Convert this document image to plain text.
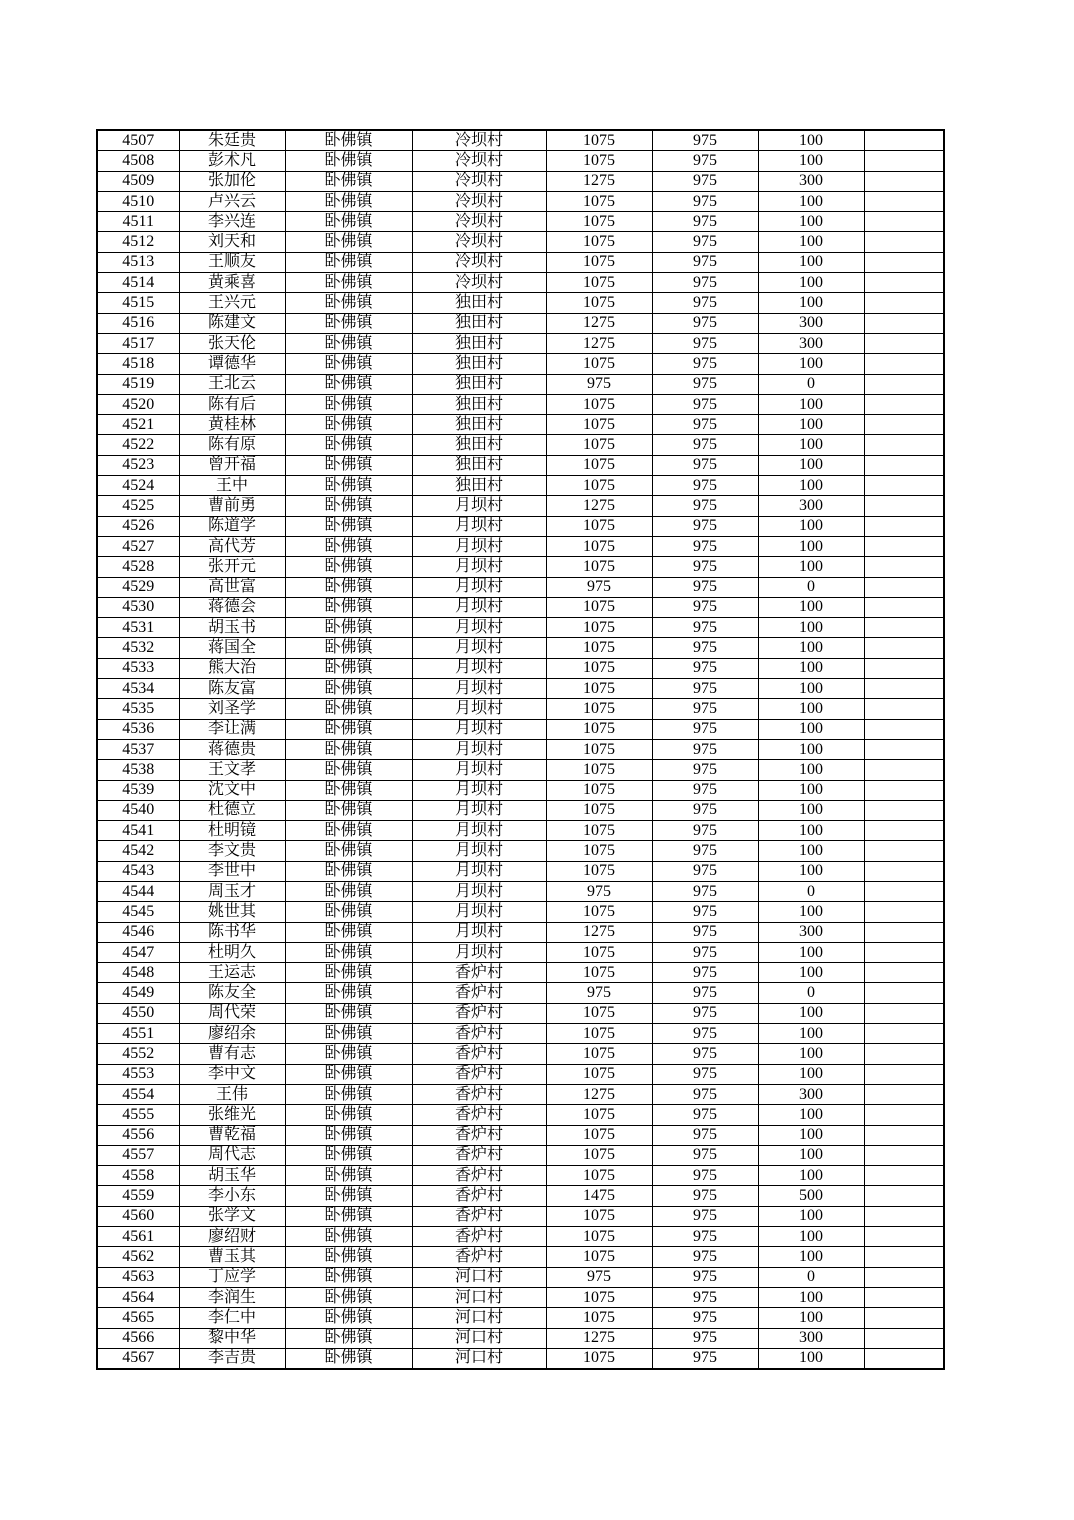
4507	朱廷贵	卧佛镇	冷坝村	1075	975	100	
4508	彭术凡	卧佛镇	冷坝村	1075	975	100	
4509	张加伦	卧佛镇	冷坝村	1275	975	300	
4510	卢兴云	卧佛镇	冷坝村	1075	975	100	
4511	李兴连	卧佛镇	冷坝村	1075	975	100	
4512	刘天和	卧佛镇	冷坝村	1075	975	100	
4513	王顺友	卧佛镇	冷坝村	1075	975	100	
4514	黄乘喜	卧佛镇	冷坝村	1075	975	100	
4515	王兴元	卧佛镇	独田村	1075	975	100	
4516	陈建文	卧佛镇	独田村	1275	975	300	
4517	张天伦	卧佛镇	独田村	1275	975	300	
4518	谭德华	卧佛镇	独田村	1075	975	100	
4519	王北云	卧佛镇	独田村	975	975	0	
4520	陈有后	卧佛镇	独田村	1075	975	100	
4521	黄桂林	卧佛镇	独田村	1075	975	100	
4522	陈有原	卧佛镇	独田村	1075	975	100	
4523	曾开福	卧佛镇	独田村	1075	975	100	
4524	王中	卧佛镇	独田村	1075	975	100	
4525	曹前勇	卧佛镇	月坝村	1275	975	300	
4526	陈道学	卧佛镇	月坝村	1075	975	100	
4527	高代芳	卧佛镇	月坝村	1075	975	100	
4528	张开元	卧佛镇	月坝村	1075	975	100	
4529	高世富	卧佛镇	月坝村	975	975	0	
4530	蒋德会	卧佛镇	月坝村	1075	975	100	
4531	胡玉书	卧佛镇	月坝村	1075	975	100	
4532	蒋国全	卧佛镇	月坝村	1075	975	100	
4533	熊大治	卧佛镇	月坝村	1075	975	100	
4534	陈友富	卧佛镇	月坝村	1075	975	100	
4535	刘圣学	卧佛镇	月坝村	1075	975	100	
4536	李让满	卧佛镇	月坝村	1075	975	100	
4537	蒋德贵	卧佛镇	月坝村	1075	975	100	
4538	王文孝	卧佛镇	月坝村	1075	975	100	
4539	沈文中	卧佛镇	月坝村	1075	975	100	
4540	杜德立	卧佛镇	月坝村	1075	975	100	
4541	杜明镜	卧佛镇	月坝村	1075	975	100	
4542	李文贵	卧佛镇	月坝村	1075	975	100	
4543	李世中	卧佛镇	月坝村	1075	975	100	
4544	周玉才	卧佛镇	月坝村	975	975	0	
4545	姚世其	卧佛镇	月坝村	1075	975	100	
4546	陈书华	卧佛镇	月坝村	1275	975	300	
4547	杜明久	卧佛镇	月坝村	1075	975	100	
4548	王运志	卧佛镇	香炉村	1075	975	100	
4549	陈友全	卧佛镇	香炉村	975	975	0	
4550	周代荣	卧佛镇	香炉村	1075	975	100	
4551	廖绍余	卧佛镇	香炉村	1075	975	100	
4552	曹有志	卧佛镇	香炉村	1075	975	100	
4553	李中文	卧佛镇	香炉村	1075	975	100	
4554	王伟	卧佛镇	香炉村	1275	975	300	
4555	张维光	卧佛镇	香炉村	1075	975	100	
4556	曹乾福	卧佛镇	香炉村	1075	975	100	
4557	周代志	卧佛镇	香炉村	1075	975	100	
4558	胡玉华	卧佛镇	香炉村	1075	975	100	
4559	李小东	卧佛镇	香炉村	1475	975	500	
4560	张学文	卧佛镇	香炉村	1075	975	100	
4561	廖绍财	卧佛镇	香炉村	1075	975	100	
4562	曹玉其	卧佛镇	香炉村	1075	975	100	
4563	丁应学	卧佛镇	河口村	975	975	0	
4564	李润生	卧佛镇	河口村	1075	975	100	
4565	李仁中	卧佛镇	河口村	1075	975	100	
4566	黎中华	卧佛镇	河口村	1275	975	300	
4567	李吉贵	卧佛镇	河口村	1075	975	100	
